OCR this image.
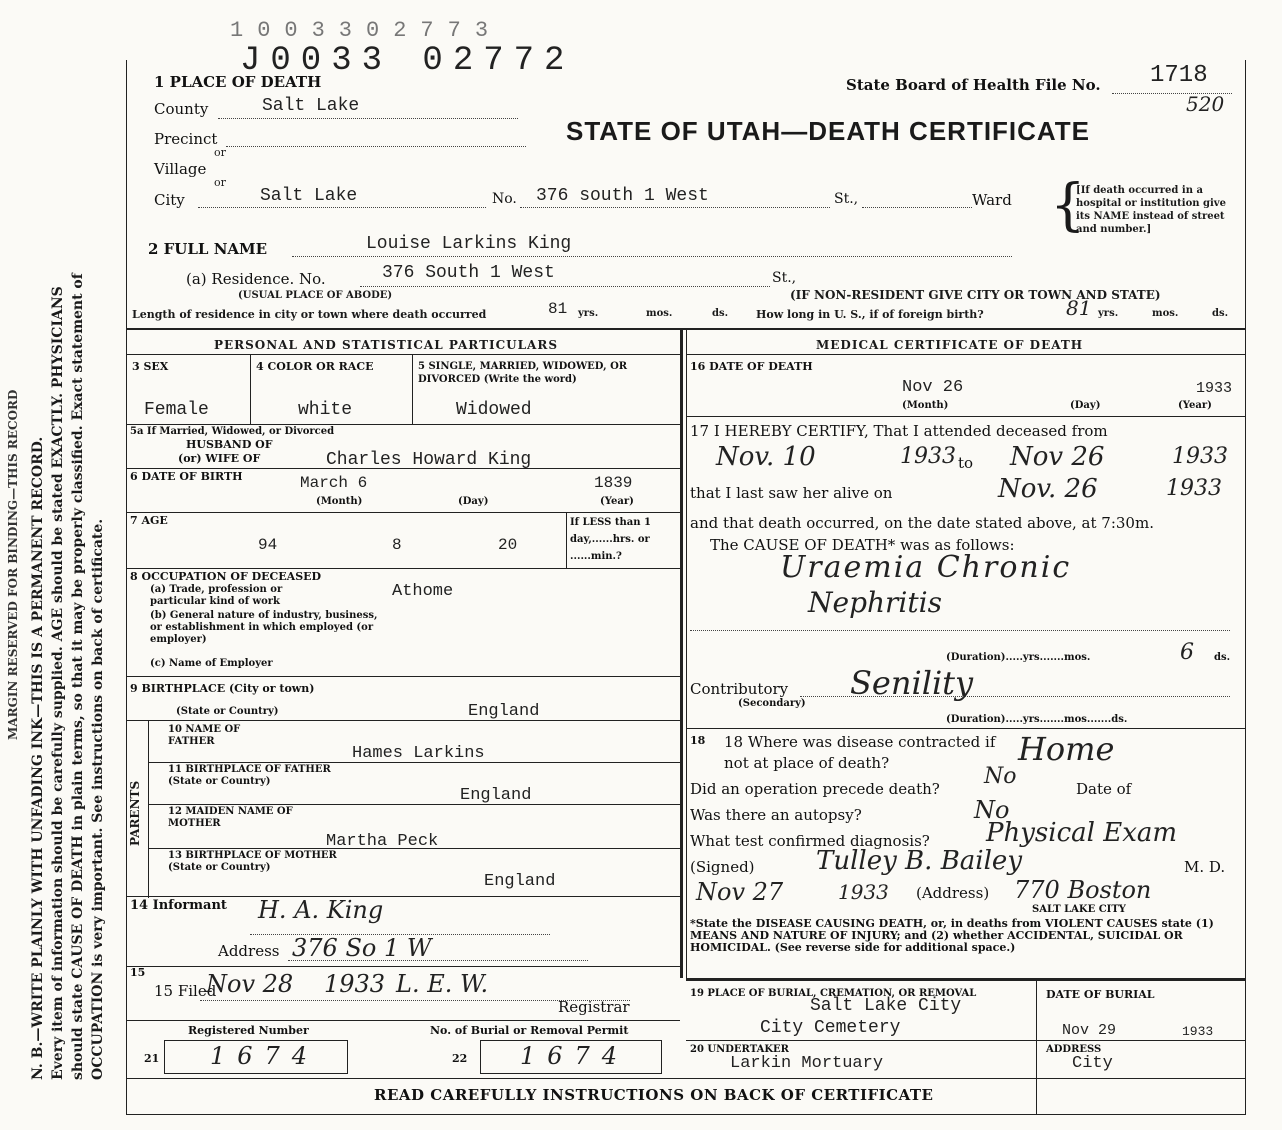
N. B.—WRITE PLAINLY WITH UNFADING INK—THIS IS A PERMANENT RECORD. Every item of information should be carefully supplied. AGE should be stated EXACTLY. PHYSICIANS should state CAUSE OF DEATH in plain terms, so that it may be properly classified. Exact statement of OCCUPATION is very important. See instructions on back of certificate.
MARGIN RESERVED FOR BINDING—THIS RECORD
1003302773
J0033 02772
State Board of Health File No. 1718
520
STATE OF UTAH—DEATH CERTIFICATE
1 PLACE OF DEATH
County	Salt Lake
Precinct
or
Village
or
City	Salt Lake	No. 376 south 1 West	St.,	Ward {
[If death occurred in a hospital or institution give its NAME instead of street and number.]
2 FULL NAME	Louise Larkins King
(a) Residence. No.	376 South 1 West	St.,
(USUAL PLACE OF ABODE)	(IF NON-RESIDENT GIVE CITY OR TOWN AND STATE)
Length of residence in city or town where death occurred	81 yrs.	mos.	ds.	How long in U. S., if of foreign birth?	81 yrs.	mos.	ds.
PERSONAL AND STATISTICAL PARTICULARS	MEDICAL CERTIFICATE OF DEATH
3 SEX	4 COLOR OR RACE	5 SINGLE, MARRIED, WIDOWED, OR DIVORCED (Write the word)
Female	white	Widowed
5a If Married, Widowed, or Divorced
HUSBAND OF
(or) WIFE OF	Charles Howard King
6 DATE OF BIRTH	March 6	1839
(Month)	(Day)	(Year)
7 AGE
94	8	20
If LESS than 1 day,......hrs. or ......min.?
8 OCCUPATION OF DECEASED
(a) Trade, profession or particular kind of work
Athome
(b) General nature of industry, business, or establishment in which employed (or employer)
(c) Name of Employer
9 BIRTHPLACE (City or town)
(State or Country)	England
PARENTS
10 NAME OF FATHER
Hames Larkins
11 BIRTHPLACE OF FATHER (State or Country)
England
12 MAIDEN NAME OF MOTHER
Martha Peck
13 BIRTHPLACE OF MOTHER (State or Country)
England
14 Informant H. A. King
Address 376 So 1 W
15
15 Filed
Nov 28 1933 L. E. W.
Registrar
Registered Number	No. of Burial or Removal Permit
21 1674	22 1674
16 DATE OF DEATH
Nov 26	1933
(Month)	(Day)	(Year)
17 I HEREBY CERTIFY, That I attended deceased from
Nov. 10	1933 to Nov 26	1933
that I last saw her alive on	Nov. 26	1933
and that death occurred, on the date stated above, at 7:30m.
The CAUSE OF DEATH* was as follows:
Uraemia Chronic
Nephritis
(Duration).....yrs.......mos.	6 ds.
Contributory
(Secondary)
Senility
(Duration).....yrs.......mos.......ds.
18 18 Where was disease contracted if not at place of death?	Home
Did an operation precede death? No	Date of
Was there an autopsy?	No
What test confirmed diagnosis? Physical Exam
(Signed) Tulley B. Bailey	M. D.
Nov 27	1933 (Address) 770 Boston
SALT LAKE CITY
*State the DISEASE CAUSING DEATH, or, in deaths from VIOLENT CAUSES state (1) MEANS AND NATURE OF INJURY; and (2) whether ACCIDENTAL, SUICIDAL OR HOMICIDAL. (See reverse side for additional space.)
19 PLACE OF BURIAL, CREMATION, OR REMOVAL
Salt Lake City
City Cemetery
DATE OF BURIAL
Nov 29	1933
20 UNDERTAKER
Larkin Mortuary
ADDRESS
City
READ CAREFULLY INSTRUCTIONS ON BACK OF CERTIFICATE
